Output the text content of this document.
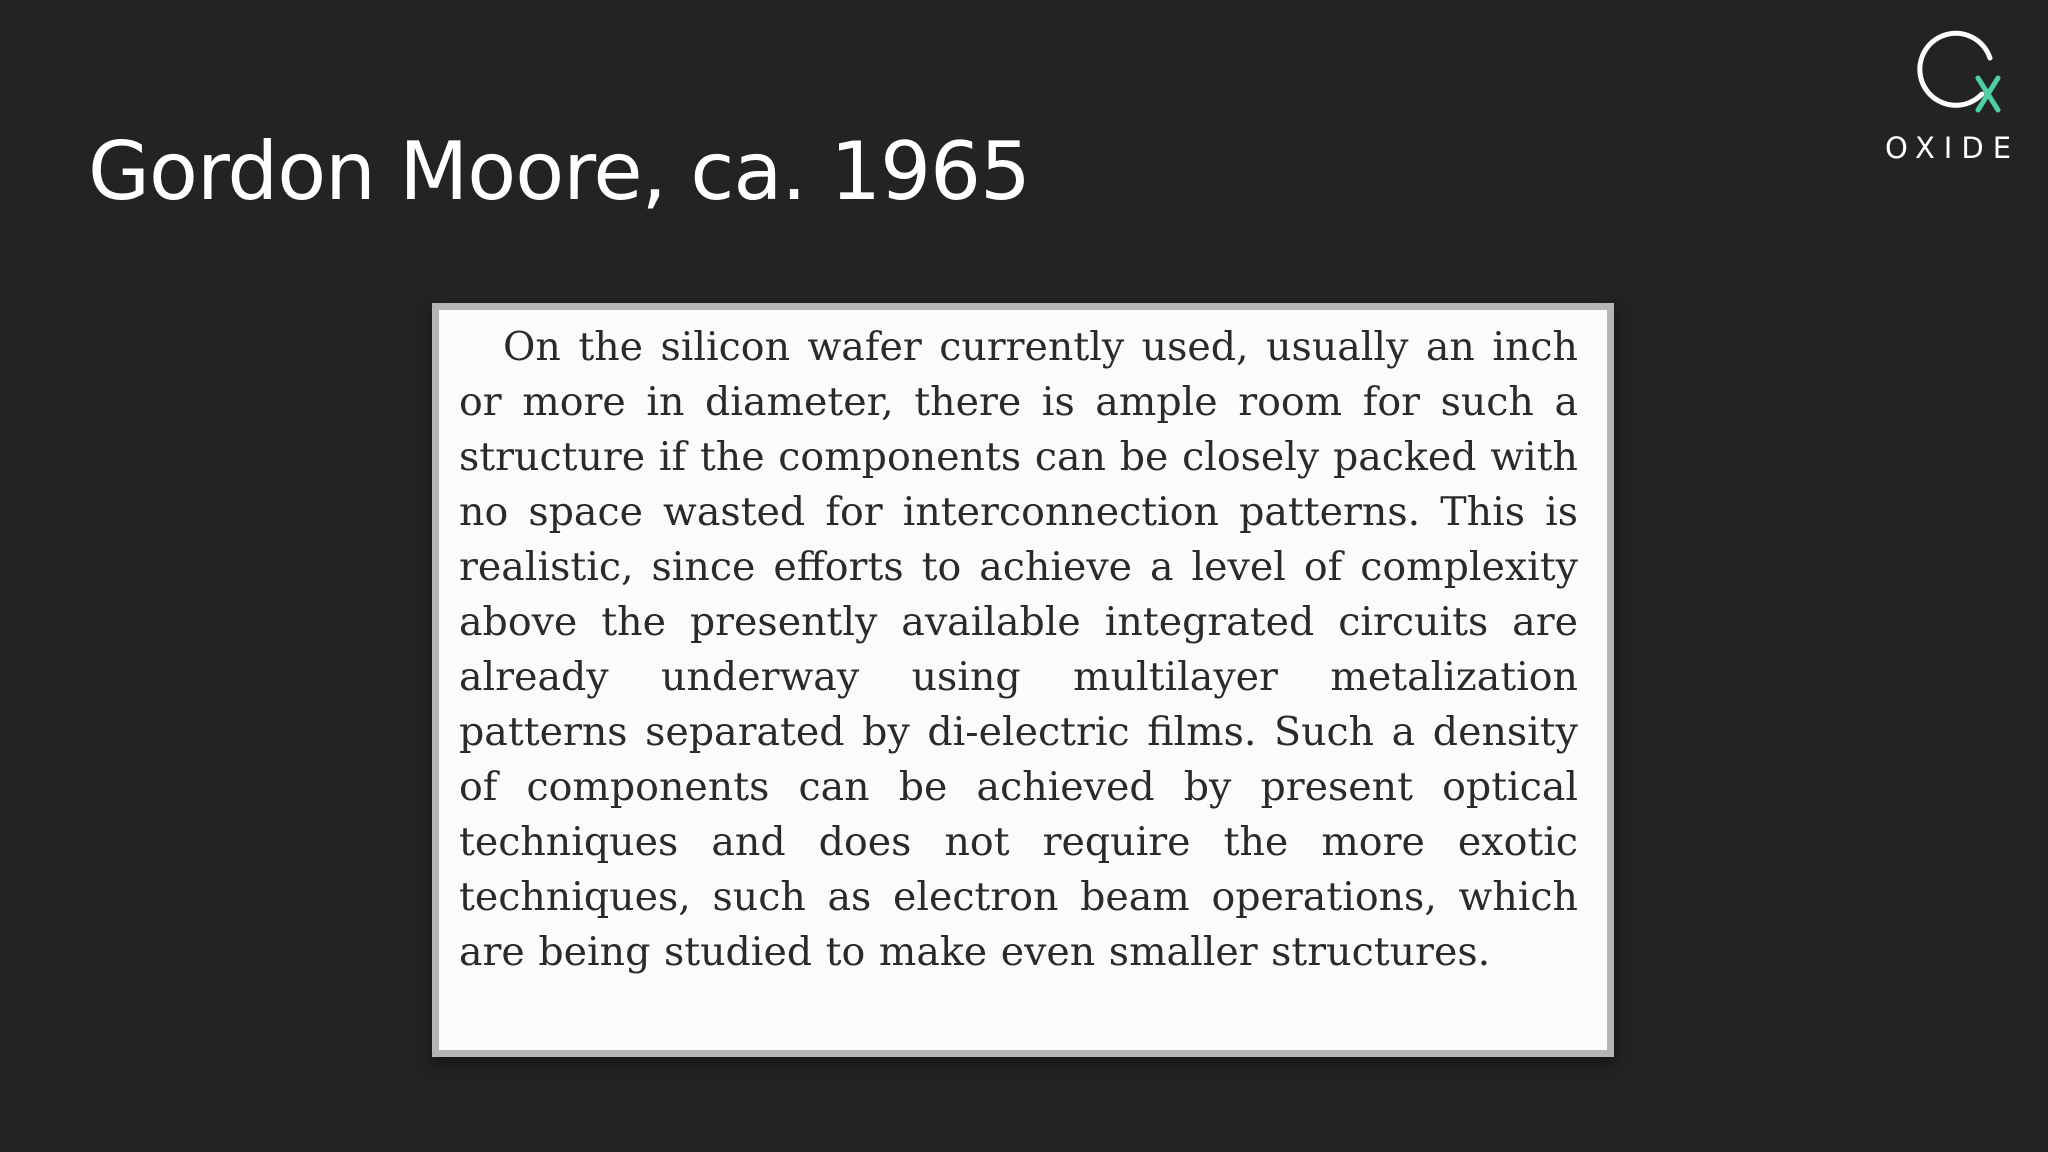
Gordon Moore, ca. 1965	OXIDE

On the silicon wafer currently used, usually an inch or more in diameter, there is ample room for such a structure if the components can be closely packed with no space wasted for interconnection patterns. This is realistic, since efforts to achieve a level of complexity above the presently available integrated circuits are already underway using multilayer metalization patterns separated by di-electric films. Such a density of components can be achieved by present optical techniques and does not require the more exotic techniques, such as electron beam operations, which are being studied to make even smaller structures.
